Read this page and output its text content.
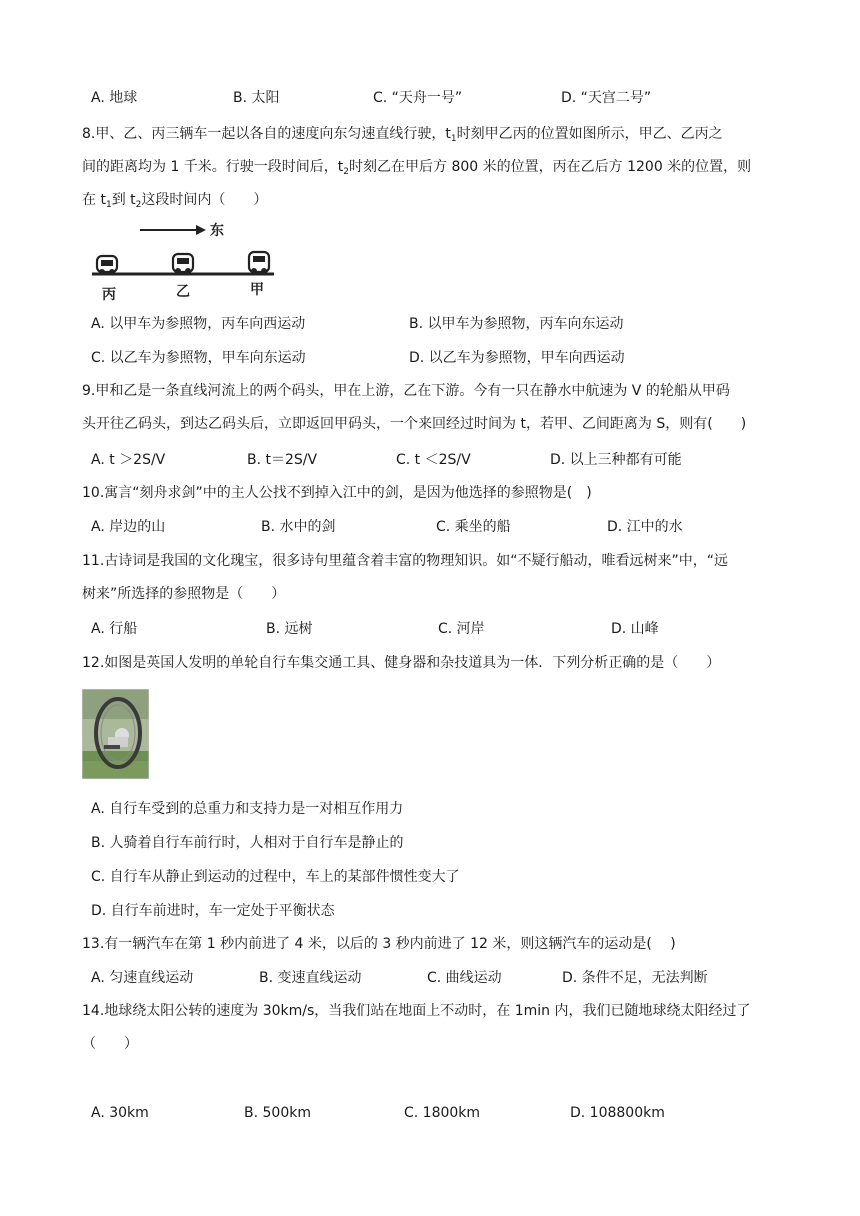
A. 地球	B. 太阳	C. “天舟一号”	D. “天宫二号”
8.甲、乙、丙三辆车一起以各自的速度向东匀速直线行驶，$t_1$时刻甲乙丙的位置如图所示，甲乙、乙丙之
间的距离均为 1 千米。行驶一段时间后，$t_2$时刻乙在甲后方 800 米的位置，丙在乙后方 1200 米的位置，则
在 $t_1$到 $t_2$这段时间内（　　）
东
丙	乙	甲
A. 以甲车为参照物，丙车向西运动	B. 以甲车为参照物，丙车向东运动
C. 以乙车为参照物，甲车向东运动	D. 以乙车为参照物，甲车向西运动
9.甲和乙是一条直线河流上的两个码头，甲在上游，乙在下游。今有一只在静水中航速为 V 的轮船从甲码
头开往乙码头，到达乙码头后，立即返回甲码头，一个来回经过时间为 t，若甲、乙间距离为 S，则有(　　)
A. t ＞2S/V	B. t＝2S/V	C. t ＜2S/V	D. 以上三种都有可能
10.寓言“刻舟求剑”中的主人公找不到掉入江中的剑，是因为他选择的参照物是(　)
A. 岸边的山	B. 水中的剑	C. 乘坐的船	D. 江中的水
11.古诗词是我国的文化瑰宝，很多诗句里蕴含着丰富的物理知识。如“不疑行船动，唯看远树来”中，“远
树来”所选择的参照物是（　　）
A. 行船	B. 远树	C. 河岸	D. 山峰
12.如图是英国人发明的单轮自行车集交通工具、健身器和杂技道具为一体．下列分析正确的是（　　）
A. 自行车受到的总重力和支持力是一对相互作用力
B. 人骑着自行车前行时，人相对于自行车是静止的
C. 自行车从静止到运动的过程中，车上的某部件惯性变大了
D. 自行车前进时，车一定处于平衡状态
13.有一辆汽车在第 1 秒内前进了 4 米，以后的 3 秒内前进了 12 米，则这辆汽车的运动是(　 )
A. 匀速直线运动	B. 变速直线运动	C. 曲线运动	D. 条件不足，无法判断
14.地球绕太阳公转的速度为 30km/s，当我们站在地面上不动时，在 1min 内，我们已随地球绕太阳经过了
（　　）
A. 30km	B. 500km	C. 1800km	D. 108800km
